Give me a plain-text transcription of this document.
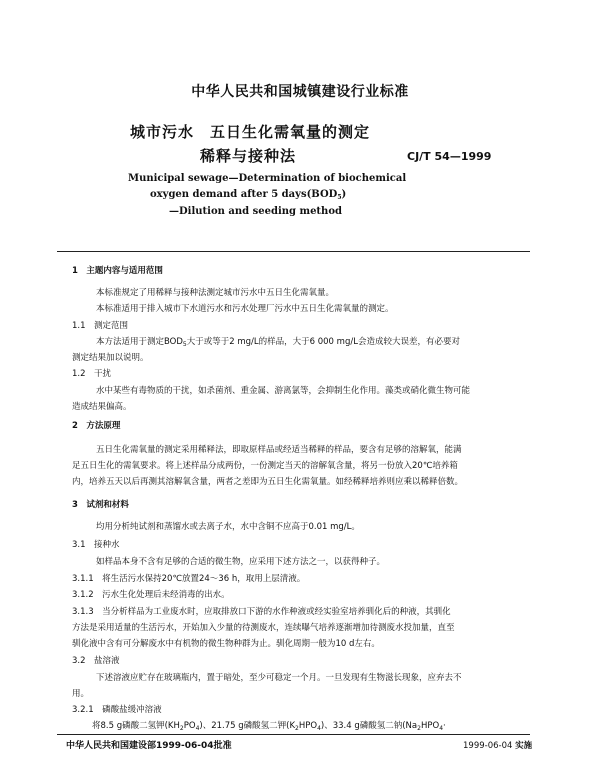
中华人民共和国城镇建设行业标准
城市污水　五日生化需氧量的测定
稀释与接种法	CJ/T 54—1999
Municipal sewage—Determination of biochemical
oxygen demand after 5 $days(BOD_5)$
—Dilution and seeding method
1　主题内容与适用范围
本标准规定了用稀释与接种法测定城市污水中五日生化需氧量。
本标准适用于排入城市下水道污水和污水处理厂污水中五日生化需氧量的测定。
1.1　测定范围
本方法适用于测定$BOD_5$大于或等于2 mg/L的样品，大于6 000 mg/L会造成较大误差，有必要对
测定结果加以说明。
1.2　干扰
水中某些有毒物质的干扰，如杀菌剂、重金属、游离氯等，会抑制生化作用。藻类或硝化微生物可能
造成结果偏高。
2　方法原理
五日生化需氧量的测定采用稀释法，即取原样品或经适当稀释的样品，要含有足够的溶解氧，能满
足五日生化的需氧要求。将上述样品分成两份，一份测定当天的溶解氧含量，将另一份放入20℃培养箱
内，培养五天以后再测其溶解氧含量，两者之差即为五日生化需氧量。如经稀释培养则应乘以稀释倍数。
3　试剂和材料
均用分析纯试剂和蒸馏水或去离子水，水中含铜不应高于0.01 mg/L。
3.1　接种水
如样品本身不含有足够的合适的微生物，应采用下述方法之一，以获得种子。
3.1.1　将生活污水保持20℃放置24～36 h，取用上层清液。
3.1.2　污水生化处理后未经消毒的出水。
3.1.3　当分析样品为工业废水时，应取排放口下游的水作种液或经实验室培养驯化后的种液，其驯化
方法是采用适量的生活污水，开始加入少量的待测废水，连续曝气培养逐渐增加待测废水投加量，直至
驯化液中含有可分解废水中有机物的微生物种群为止。驯化周期一般为10 d左右。
3.2　盐溶液
下述溶液应贮存在玻璃瓶内，置于暗处，至少可稳定一个月。一旦发现有生物滋长现象，应弃去不
用。
3.2.1　磷酸盐缓冲溶液
将8.5 g磷酸二氢钾$(KH_2PO_4)$、21.75 g磷酸氢二钾$(K_2HPO_4)$、33.4 g磷酸氢二钠($Na_2HPO_4\cdot$
中华人民共和国建设部1999-06-04批准	1999-06-04 实施
